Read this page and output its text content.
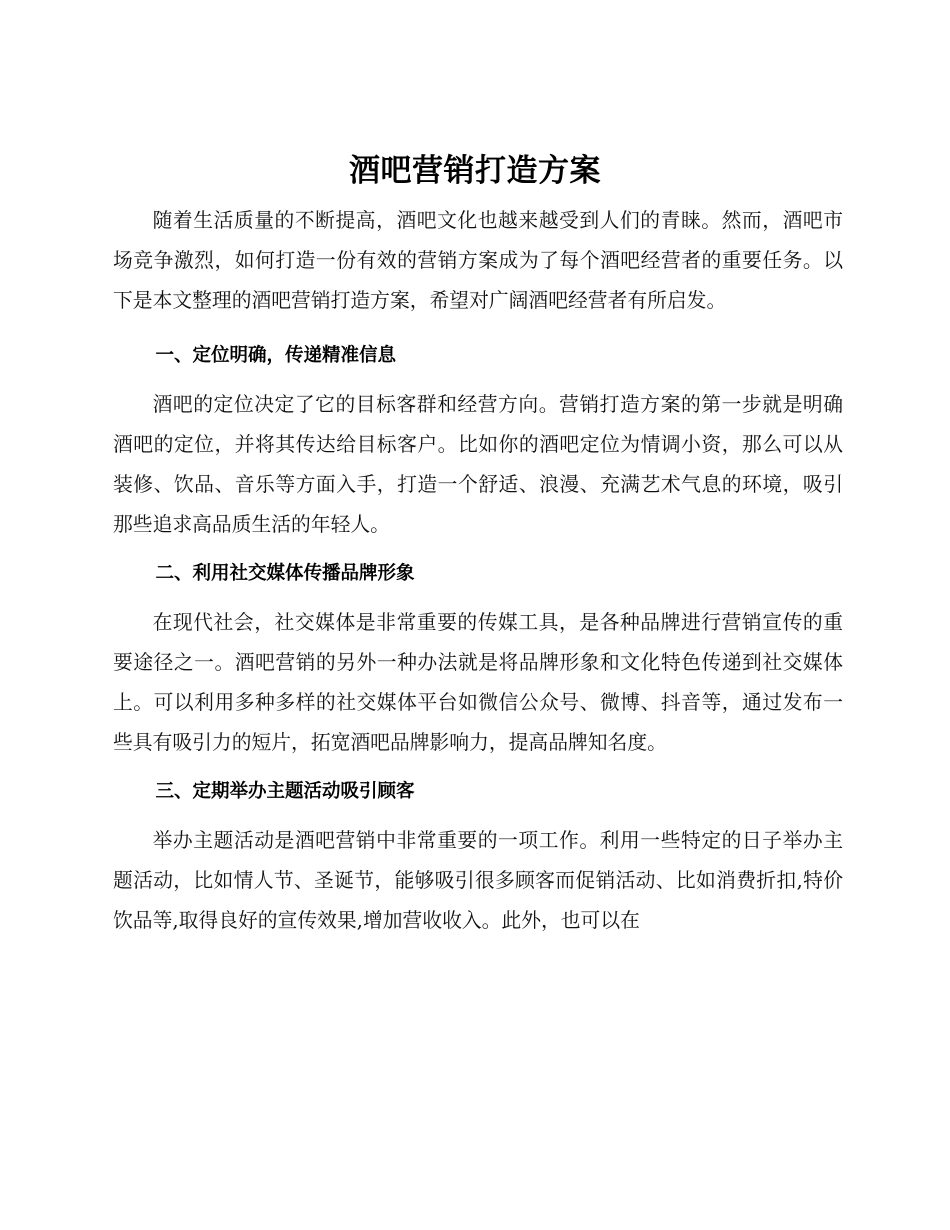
酒吧营销打造方案

随着生活质量的不断提高，酒吧文化也越来越受到人们的青睐。然而，酒吧市场竞争激烈，如何打造一份有效的营销方案成为了每个酒吧经营者的重要任务。以下是本文整理的酒吧营销打造方案，希望对广阔酒吧经营者有所启发。

一、定位明确，传递精准信息

酒吧的定位决定了它的目标客群和经营方向。营销打造方案的第一步就是明确酒吧的定位，并将其传达给目标客户。比如你的酒吧定位为情调小资，那么可以从装修、饮品、音乐等方面入手，打造一个舒适、浪漫、充满艺术气息的环境，吸引那些追求高品质生活的年轻人。

二、利用社交媒体传播品牌形象

在现代社会，社交媒体是非常重要的传媒工具，是各种品牌进行营销宣传的重要途径之一。酒吧营销的另外一种办法就是将品牌形象和文化特色传递到社交媒体上。可以利用多种多样的社交媒体平台如微信公众号、微博、抖音等，通过发布一些具有吸引力的短片，拓宽酒吧品牌影响力，提高品牌知名度。

三、定期举办主题活动吸引顾客

举办主题活动是酒吧营销中非常重要的一项工作。利用一些特定的日子举办主题活动，比如情人节、圣诞节，能够吸引很多顾客而促销活动、比如消费折扣,特价饮品等,取得良好的宣传效果,增加营收收入。此外，也可以在
